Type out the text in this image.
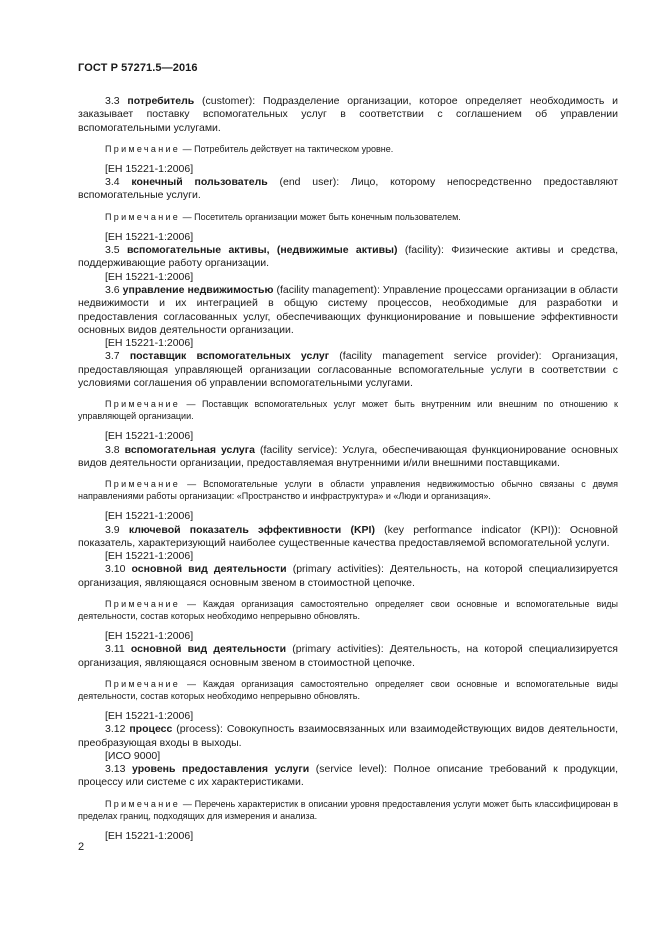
ГОСТ Р 57271.5—2016

3.3 потребитель (customer): Подразделение организации, которое определяет необходимость и заказывает поставку вспомогательных услуг в соответствии с соглашением об управлении вспомогательными услугами.

Примечание — Потребитель действует на тактическом уровне.

[ЕН 15221-1:2006]

3.4 конечный пользователь (end user): Лицо, которому непосредственно предоставляют вспомогательные услуги.

Примечание — Посетитель организации может быть конечным пользователем.

[ЕН 15221-1:2006]

3.5 вспомогательные активы, (недвижимые активы) (facility): Физические активы и средства, поддерживающие работу организации.

[ЕН 15221-1:2006]

3.6 управление недвижимостью (facility management): Управление процессами организации в области недвижимости и их интеграцией в общую систему процессов, необходимые для разработки и предоставления согласованных услуг, обеспечивающих функционирование и повышение эффективности основных видов деятельности организации.

[ЕН 15221-1:2006]

3.7 поставщик вспомогательных услуг (facility management service provider): Организация, предоставляющая управляющей организации согласованные вспомогательные услуги в соответствии с условиями соглашения об управлении вспомогательными услугами.

Примечание — Поставщик вспомогательных услуг может быть внутренним или внешним по отношению к управляющей организации.

[ЕН 15221-1:2006]

3.8 вспомогательная услуга (facility service): Услуга, обеспечивающая функционирование основных видов деятельности организации, предоставляемая внутренними и/или внешними поставщиками.

Примечание — Вспомогательные услуги в области управления недвижимостью обычно связаны с двумя направлениями работы организации: «Пространство и инфраструктура» и «Люди и организация».

[ЕН 15221-1:2006]

3.9 ключевой показатель эффективности (KPI) (key performance indicator (KPI)): Основной показатель, характеризующий наиболее существенные качества предоставляемой вспомогательной услуги.

[ЕН 15221-1:2006]

3.10 основной вид деятельности (primary activities): Деятельность, на которой специализируется организация, являющаяся основным звеном в стоимостной цепочке.

Примечание — Каждая организация самостоятельно определяет свои основные и вспомогательные виды деятельности, состав которых необходимо непрерывно обновлять.

[ЕН 15221-1:2006]

3.11 основной вид деятельности (primary activities): Деятельность, на которой специализируется организация, являющаяся основным звеном в стоимостной цепочке.

Примечание — Каждая организация самостоятельно определяет свои основные и вспомогательные виды деятельности, состав которых необходимо непрерывно обновлять.

[ЕН 15221-1:2006]

3.12 процесс (process): Совокупность взаимосвязанных или взаимодействующих видов деятельности, преобразующая входы в выходы.

[ИСО 9000]

3.13 уровень предоставления услуги (service level): Полное описание требований к продукции, процессу или системе с их характеристиками.

Примечание — Перечень характеристик в описании уровня предоставления услуги может быть классифицирован в пределах границ, подходящих для измерения и анализа.

[ЕН 15221-1:2006]

2
